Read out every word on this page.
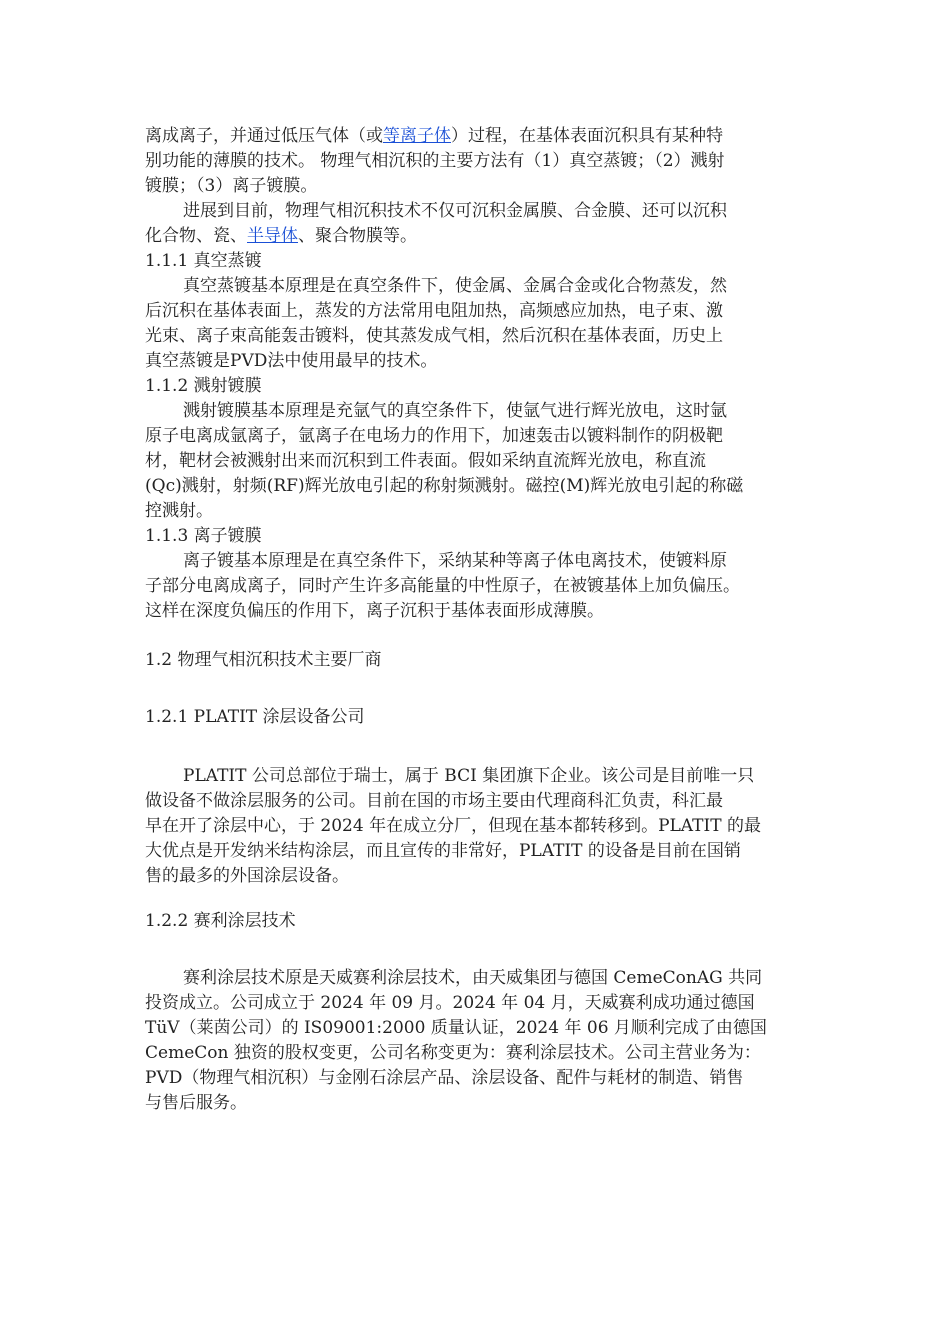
离成离子，并通过低压气体（或等离子体）过程，在基体表面沉积具有某种特
别功能的薄膜的技术。 物理气相沉积的主要方法有（1）真空蒸镀；（2）溅射
镀膜；（3）离子镀膜。
进展到目前，物理气相沉积技术不仅可沉积金属膜、合金膜、还可以沉积
化合物、瓷、半导体、聚合物膜等。

1.1.1 真空蒸镀

真空蒸镀基本原理是在真空条件下，使金属、金属合金或化合物蒸发，然
后沉积在基体表面上，蒸发的方法常用电阻加热，高频感应加热，电子束、激
光束、离子束高能轰击镀料，使其蒸发成气相，然后沉积在基体表面，历史上
真空蒸镀是PVD法中使用最早的技术。

1.1.2 溅射镀膜

溅射镀膜基本原理是充氩气的真空条件下，使氩气进行辉光放电，这时氩
原子电离成氩离子，氩离子在电场力的作用下，加速轰击以镀料制作的阴极靶
材，靶材会被溅射出来而沉积到工件表面。假如采纳直流辉光放电，称直流
(Qc)溅射，射频(RF)辉光放电引起的称射频溅射。磁控(M)辉光放电引起的称磁
控溅射。

1.1.3 离子镀膜

离子镀基本原理是在真空条件下，采纳某种等离子体电离技术，使镀料原
子部分电离成离子，同时产生许多高能量的中性原子，在被镀基体上加负偏压。
这样在深度负偏压的作用下，离子沉积于基体表面形成薄膜。

1.2 物理气相沉积技术主要厂商

1.2.1 PLATIT 涂层设备公司

PLATIT 公司总部位于瑞士，属于 BCI 集团旗下企业。该公司是目前唯一只
做设备不做涂层服务的公司。目前在国的市场主要由代理商科汇负责，科汇最
早在开了涂层中心，于 2024 年在成立分厂，但现在基本都转移到。PLATIT 的最
大优点是开发纳米结构涂层，而且宣传的非常好，PLATIT 的设备是目前在国销
售的最多的外国涂层设备。

1.2.2 赛利涂层技术

赛利涂层技术原是天威赛利涂层技术，由天威集团与德国 CemeConAG 共同
投资成立。公司成立于 2024 年 09 月。2024 年 04 月，天威赛利成功通过德国
TüV（莱茵公司）的 IS09001:2000 质量认证，2024 年 06 月顺利完成了由德国
CemeCon 独资的股权变更，公司名称变更为：赛利涂层技术。公司主营业务为：
PVD（物理气相沉积）与金刚石涂层产品、涂层设备、配件与耗材的制造、销售
与售后服务。
